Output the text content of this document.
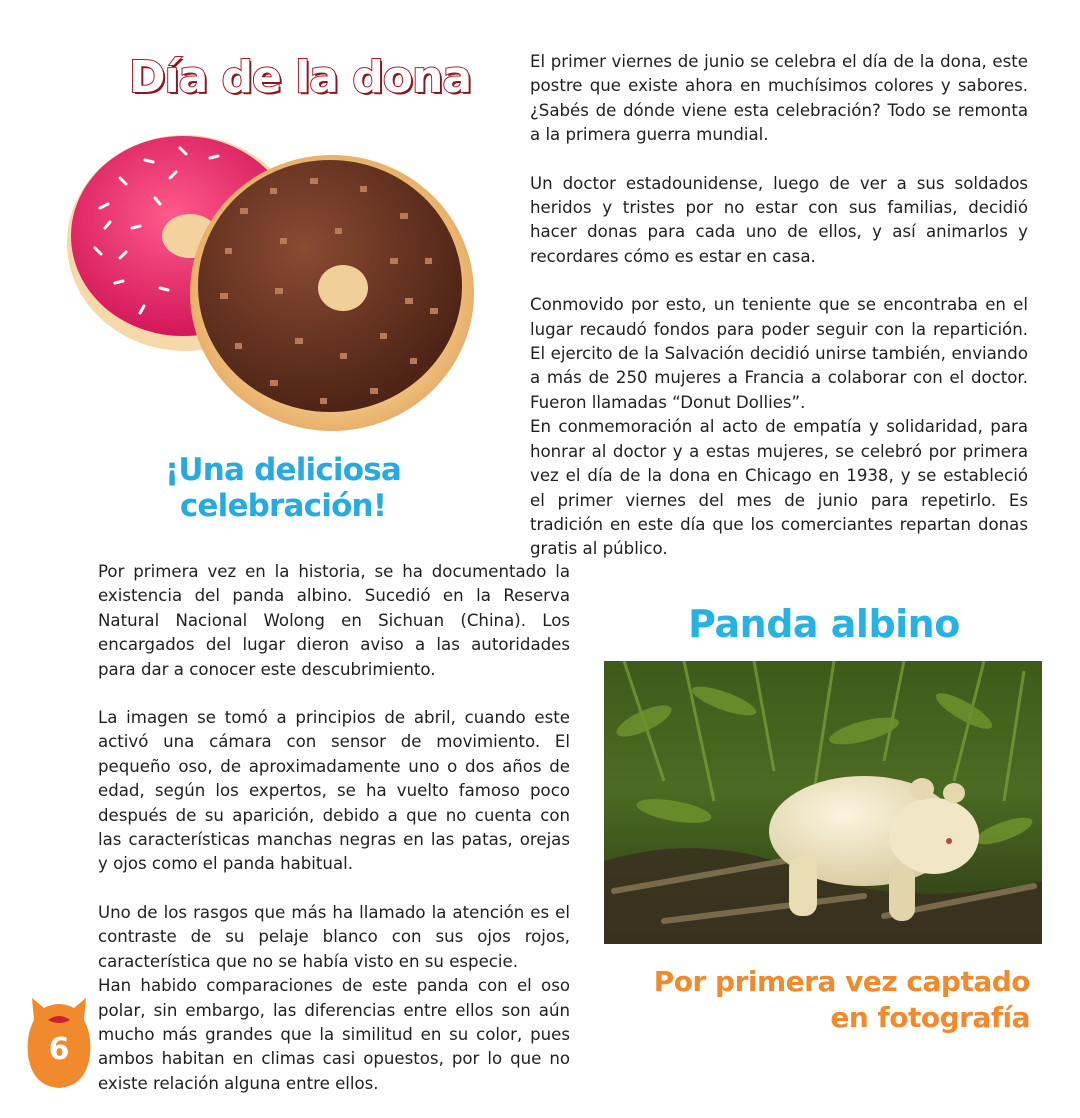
Día de la dona
¡Una deliciosa celebración!

El primer viernes de junio se celebra el día de la dona, este postre que existe ahora en muchísimos colores y sabores. ¿Sabés de dónde viene esta celebración? Todo se remonta a la primera guerra mundial.

Un doctor estadounidense, luego de ver a sus soldados heridos y tristes por no estar con sus familias, decidió hacer donas para cada uno de ellos, y así animarlos y recordares cómo es estar en casa.

Conmovido por esto, un teniente que se encontraba en el lugar recaudó fondos para poder seguir con la repartición. El ejercito de la Salvación decidió unirse también, enviando a más de 250 mujeres a Francia a colaborar con el doctor. Fueron llamadas “Donut Dollies”.

En conmemoración al acto de empatía y solidaridad, para honrar al doctor y a estas mujeres, se celebró por primera vez el día de la dona en Chicago en 1938, y se estableció el primer viernes del mes de junio para repetirlo. Es tradición en este día que los comerciantes repartan donas gratis al público.

Por primera vez en la historia, se ha documentado la existencia del panda albino. Sucedió en la Reserva Natural Nacional Wolong en Sichuan (China). Los encargados del lugar dieron aviso a las autoridades para dar a conocer este descubrimiento.

La imagen se tomó a principios de abril, cuando este activó una cámara con sensor de movimiento. El pequeño oso, de aproximadamente uno o dos años de edad, según los expertos, se ha vuelto famoso poco después de su aparición, debido a que no cuenta con las características manchas negras en las patas, orejas y ojos como el panda habitual.

Uno de los rasgos que más ha llamado la atención es el contraste de su pelaje blanco con sus ojos rojos, característica que no se había visto en su especie.

Han habido comparaciones de este panda con el oso polar, sin embargo, las diferencias entre ellos son aún mucho más grandes que la similitud en su color, pues ambos habitan en climas casi opuestos, por lo que no existe relación alguna entre ellos.

Panda albino
Por primera vez captado
en fotografía
6
